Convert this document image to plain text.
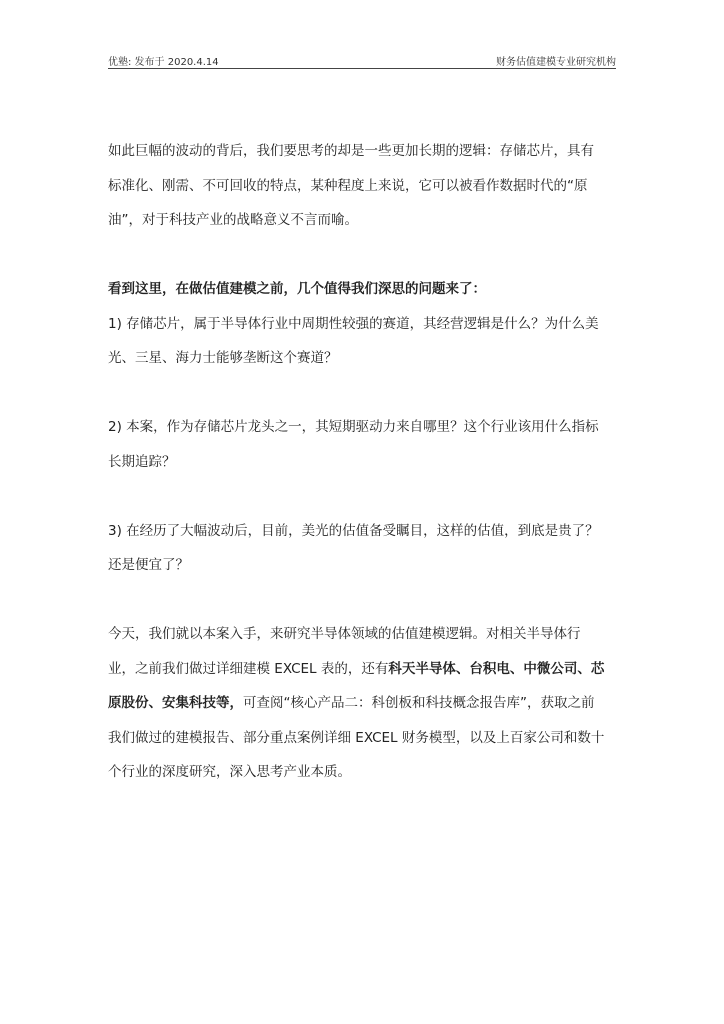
优塾: 发布于 2020.4.14	财务估值建模专业研究机构

如此巨幅的波动的背后，我们要思考的却是一些更加长期的逻辑：存储芯片，具有标准化、刚需、不可回收的特点，某种程度上来说，它可以被看作数据时代的“原油”，对于科技产业的战略意义不言而喻。

看到这里，在做估值建模之前，几个值得我们深思的问题来了：

1) 存储芯片，属于半导体行业中周期性较强的赛道，其经营逻辑是什么？为什么美光、三星、海力士能够垄断这个赛道？

2) 本案，作为存储芯片龙头之一，其短期驱动力来自哪里？这个行业该用什么指标长期追踪？

3) 在经历了大幅波动后，目前，美光的估值备受瞩目，这样的估值，到底是贵了？还是便宜了？

今天，我们就以本案入手，来研究半导体领域的估值建模逻辑。对相关半导体行业，之前我们做过详细建模 EXCEL 表的，还有科天半导体、台积电、中微公司、芯原股份、安集科技等，可查阅“核心产品二：科创板和科技概念报告库”，获取之前我们做过的建模报告、部分重点案例详细 EXCEL 财务模型，以及上百家公司和数十个行业的深度研究，深入思考产业本质。
